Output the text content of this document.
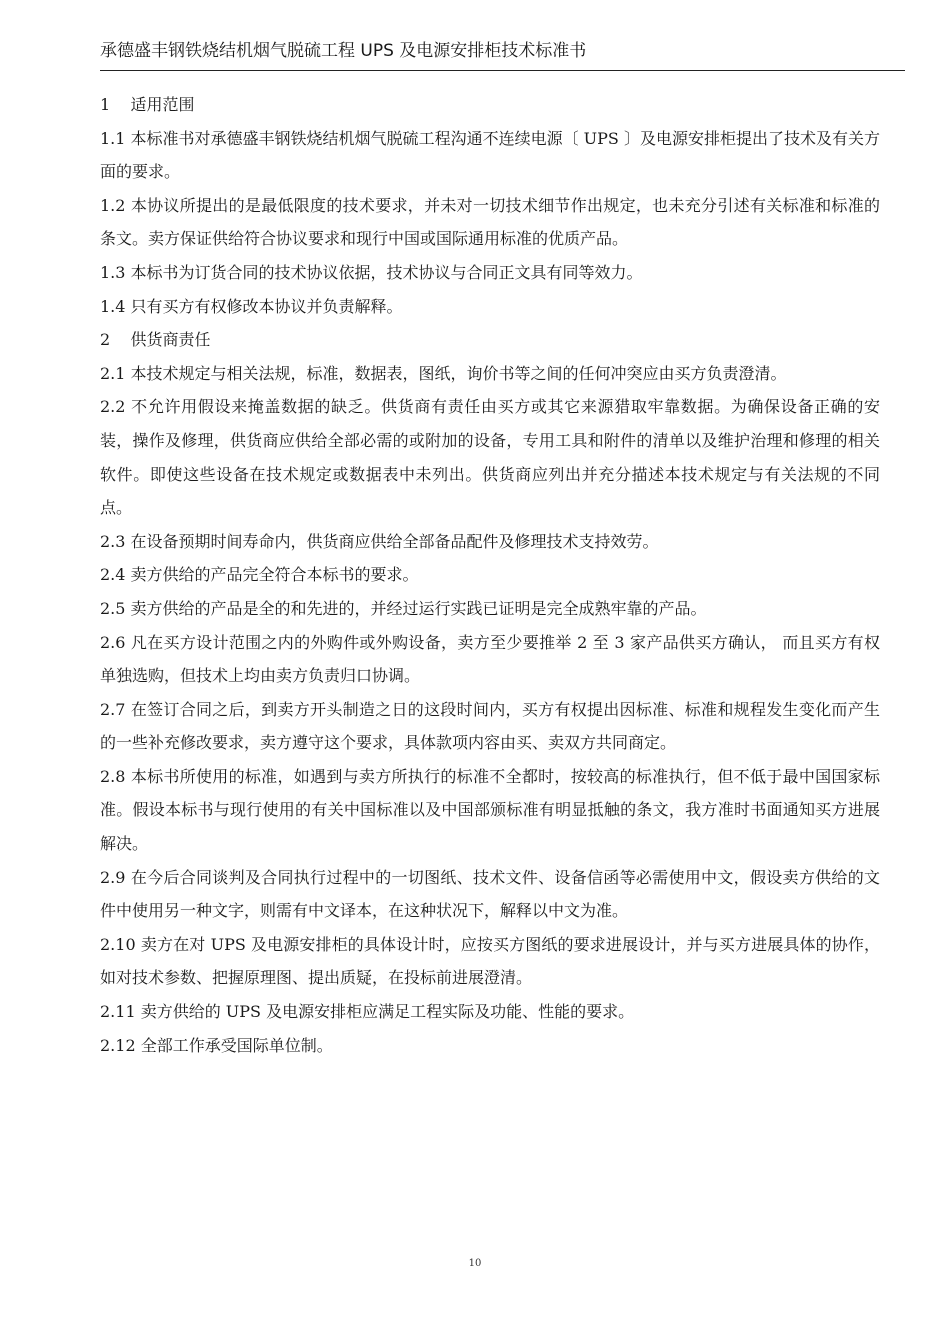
承德盛丰钢铁烧结机烟气脱硫工程 UPS 及电源安排柜技术标准书

1    适用范围

1.1 本标准书对承德盛丰钢铁烧结机烟气脱硫工程沟通不连续电源〔 UPS 〕及电源安排柜提出了技术及有关方面的要求。

1.2 本协议所提出的是最低限度的技术要求，并未对一切技术细节作出规定，也未充分引述有关标准和标准的条文。卖方保证供给符合协议要求和现行中国或国际通用标准的优质产品。

1.3 本标书为订货合同的技术协议依据，技术协议与合同正文具有同等效力。

1.4 只有买方有权修改本协议并负责解释。

2    供货商责任

2.1 本技术规定与相关法规，标准，数据表，图纸，询价书等之间的任何冲突应由买方负责澄清。

2.2 不允许用假设来掩盖数据的缺乏。供货商有责任由买方或其它来源猎取牢靠数据。为确保设备正确的安装，操作及修理，供货商应供给全部必需的或附加的设备，专用工具和附件的清单以及维护治理和修理的相关软件。即使这些设备在技术规定或数据表中未列出。供货商应列出并充分描述本技术规定与有关法规的不同点。

2.3 在设备预期时间寿命内，供货商应供给全部备品配件及修理技术支持效劳。

2.4 卖方供给的产品完全符合本标书的要求。

2.5 卖方供给的产品是全的和先进的，并经过运行实践已证明是完全成熟牢靠的产品。

2.6 凡在买方设计范围之内的外购件或外购设备，卖方至少要推举 2 至 3 家产品供买方确认， 而且买方有权单独选购，但技术上均由卖方负责归口协调。

2.7 在签订合同之后，到卖方开头制造之日的这段时间内，买方有权提出因标准、标准和规程发生变化而产生的一些补充修改要求，卖方遵守这个要求，具体款项内容由买、卖双方共同商定。

2.8 本标书所使用的标准，如遇到与卖方所执行的标准不全都时，按较高的标准执行，但不低于最中国国家标准。假设本标书与现行使用的有关中国标准以及中国部颁标准有明显抵触的条文，我方准时书面通知买方进展解决。

2.9 在今后合同谈判及合同执行过程中的一切图纸、技术文件、设备信函等必需使用中文，假设卖方供给的文件中使用另一种文字，则需有中文译本，在这种状况下，解释以中文为准。

2.10 卖方在对 UPS 及电源安排柜的具体设计时，应按买方图纸的要求进展设计，并与买方进展具体的协作，如对技术参数、把握原理图、提出质疑，在投标前进展澄清。

2.11 卖方供给的 UPS 及电源安排柜应满足工程实际及功能、性能的要求。

2.12 全部工作承受国际单位制。

10
